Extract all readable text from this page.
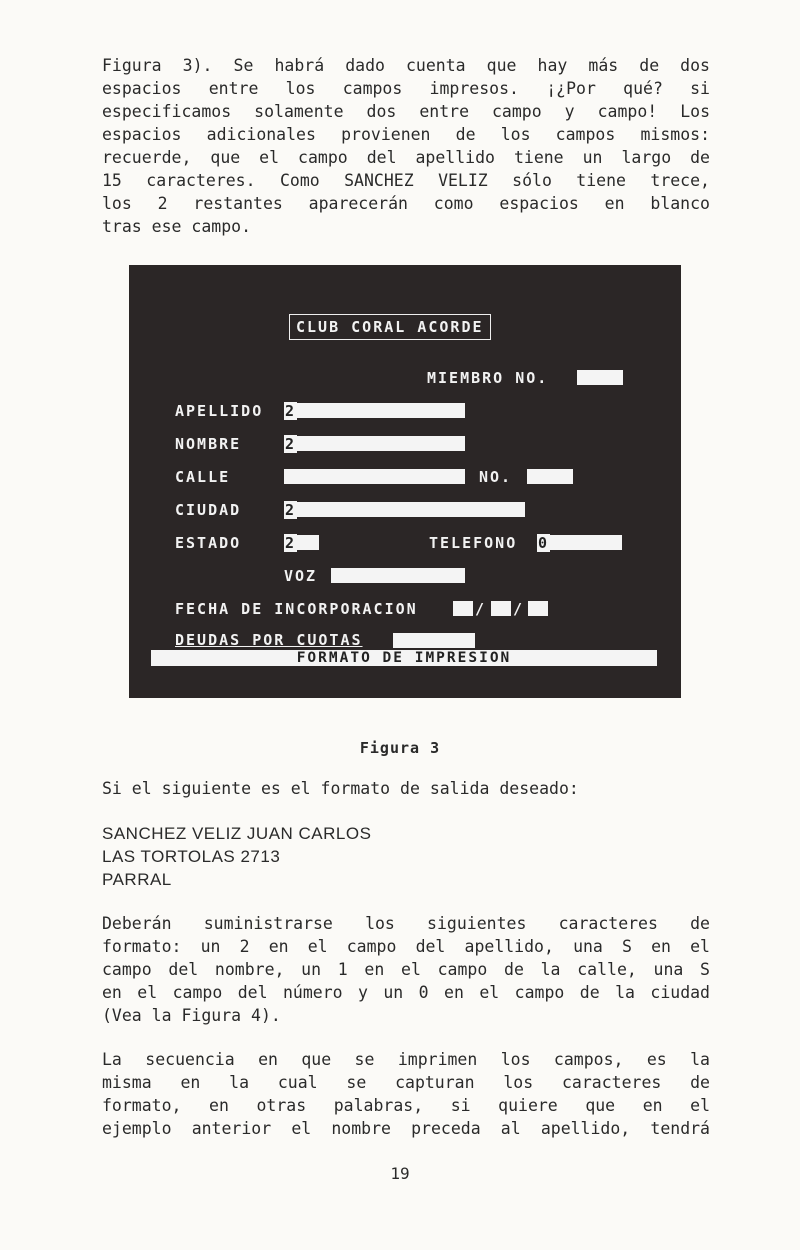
Figura 3). Se habrá dado cuenta que hay más de dos
espacios entre los campos impresos. ¡¿Por qué? si
especificamos solamente dos entre campo y campo! Los
espacios adicionales provienen de los campos mismos:
recuerde, que el campo del apellido tiene un largo de
15 caracteres. Como SANCHEZ VELIZ sólo tiene trece,
los 2 restantes aparecerán como espacios en blanco
tras ese campo.
CLUB CORAL ACORDE
MIEMBRO NO.
APELLIDO 2
NOMBRE	2
CALLE	NO.
CIUDAD	2
ESTADO	2	TELEFONO 0
VOZ
FECHA DE INCORPORACION	/ /
DEUDAS POR CUOTAS
FORMATO DE IMPRESION
Figura 3
Si el siguiente es el formato de salida deseado:
SANCHEZ VELIZ JUAN CARLOS
LAS TORTOLAS 2713
PARRAL
Deberán suministrarse los siguientes caracteres de
formato: un 2 en el campo del apellido, una S en el
campo del nombre, un 1 en el campo de la calle, una S
en el campo del número y un 0 en el campo de la ciudad
(Vea la Figura 4).
La secuencia en que se imprimen los campos, es la
misma en la cual se capturan los caracteres de
formato, en otras palabras, si quiere que en el
ejemplo anterior el nombre preceda al apellido, tendrá
19
